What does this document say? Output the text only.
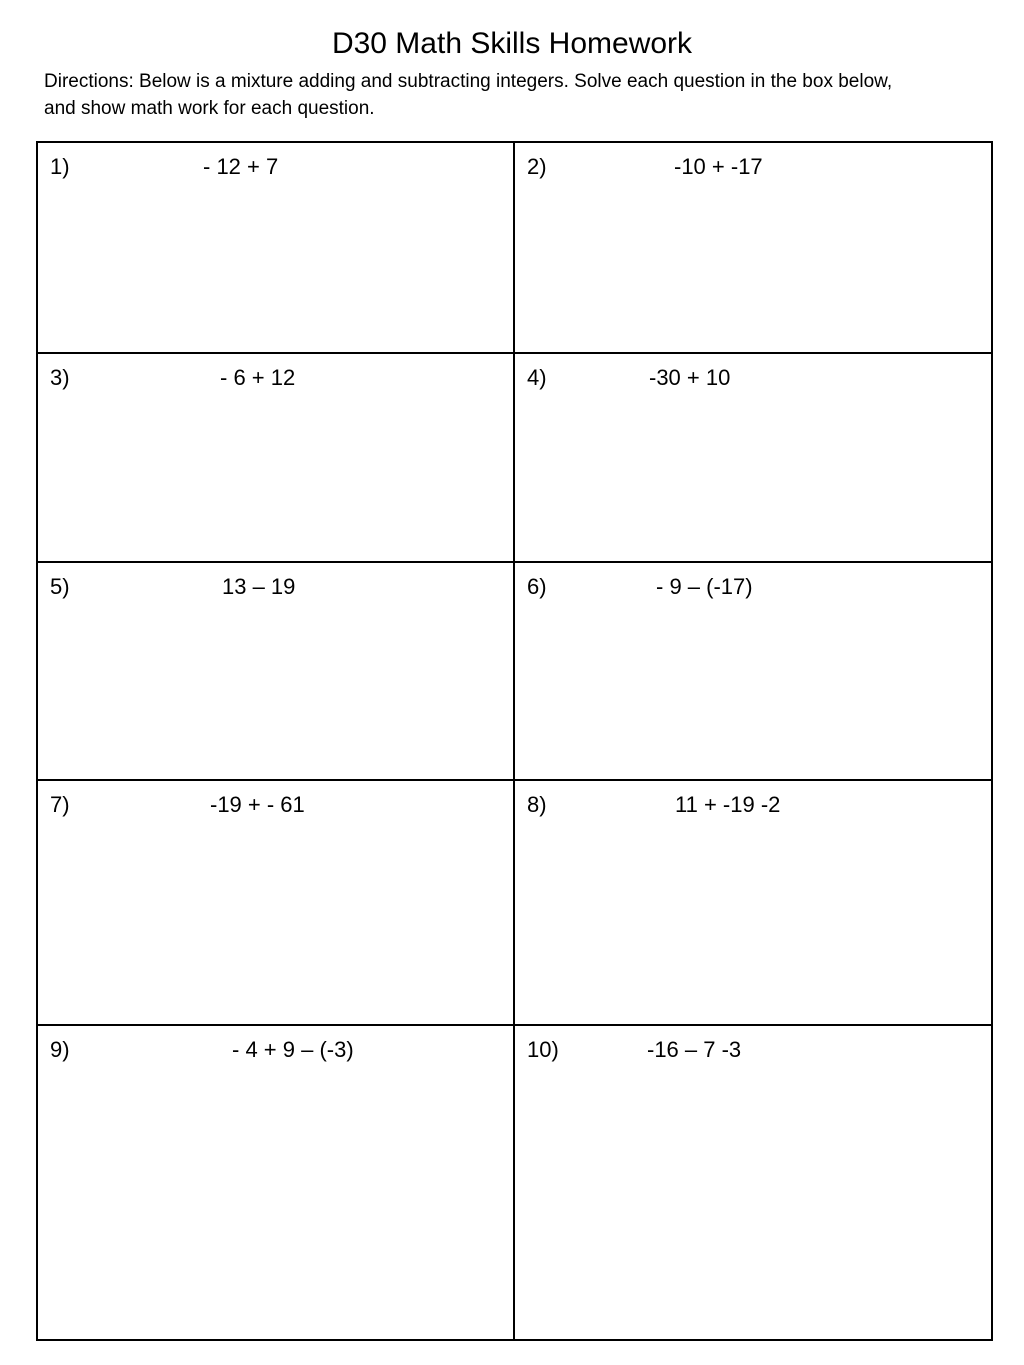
D30 Math Skills Homework
Directions: Below is a mixture adding and subtracting integers. Solve each question in the box below,
and show math work for each question.
1)	- 12 + 7	2)	-10 + -17
3)	- 6 + 12	4)	-30 + 10
5)	13 – 19	6)	- 9 – (-17)
7)	-19 + - 61	8)	11 + -19 -2
9)	- 4 + 9 – (-3)	10)	-16 – 7 -3
